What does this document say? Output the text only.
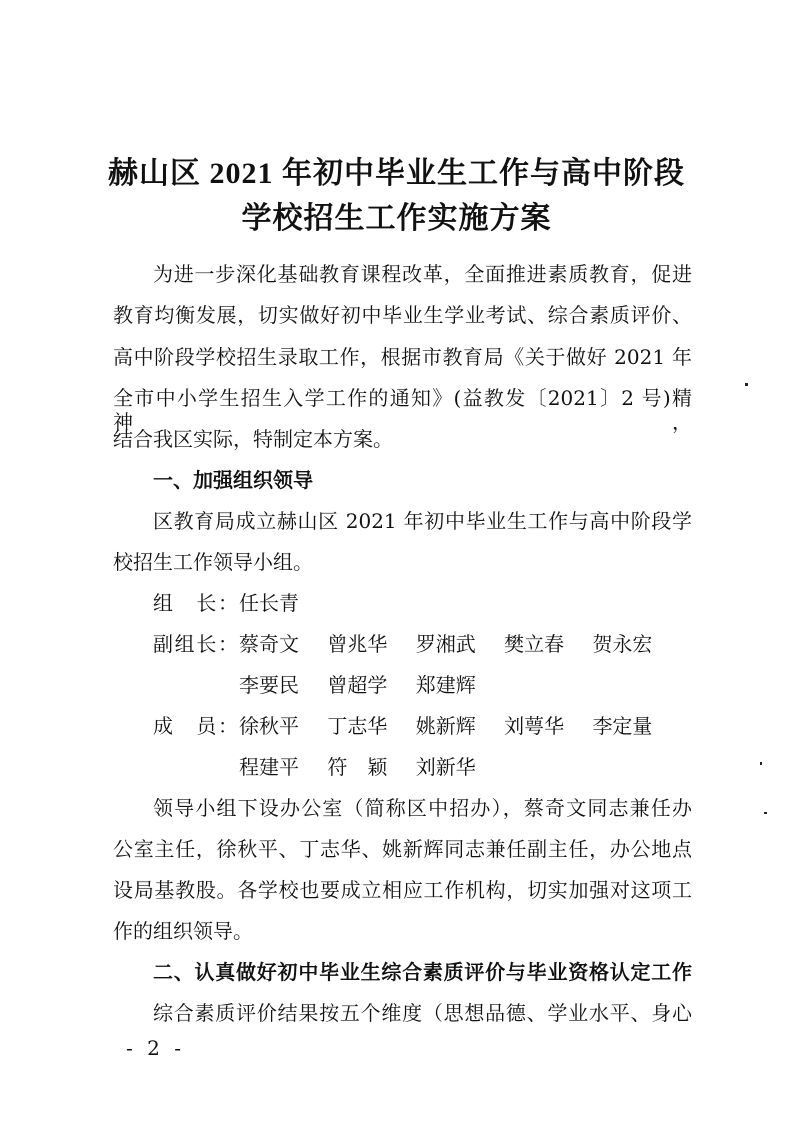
赫山区 2021 年初中毕业生工作与高中阶段
学校招生工作实施方案
为进一步深化基础教育课程改革，全面推进素质教育，促进
教育均衡发展，切实做好初中毕业生学业考试、综合素质评价、
高中阶段学校招生录取工作，根据市教育局《关于做好 2021 年
全市中小学生招生入学工作的通知》(益教发〔2021〕2 号)精神，
结合我区实际，特制定本方案。
一、加强组织领导
区教育局成立赫山区 2021 年初中毕业生工作与高中阶段学
校招生工作领导小组。
组　长： 任长青
副组长： 蔡奇文 曾兆华 罗湘武 樊立春 贺永宏
李要民 曾超学 郑建辉
成　员： 徐秋平 丁志华 姚新辉 刘萼华 李定量
程建平 符　颖 刘新华
领导小组下设办公室（简称区中招办），蔡奇文同志兼任办
公室主任，徐秋平、丁志华、姚新辉同志兼任副主任，办公地点
设局基教股。各学校也要成立相应工作机构，切实加强对这项工
作的组织领导。
二、认真做好初中毕业生综合素质评价与毕业资格认定工作
综合素质评价结果按五个维度（思想品德、学业水平、身心
- 2 -
